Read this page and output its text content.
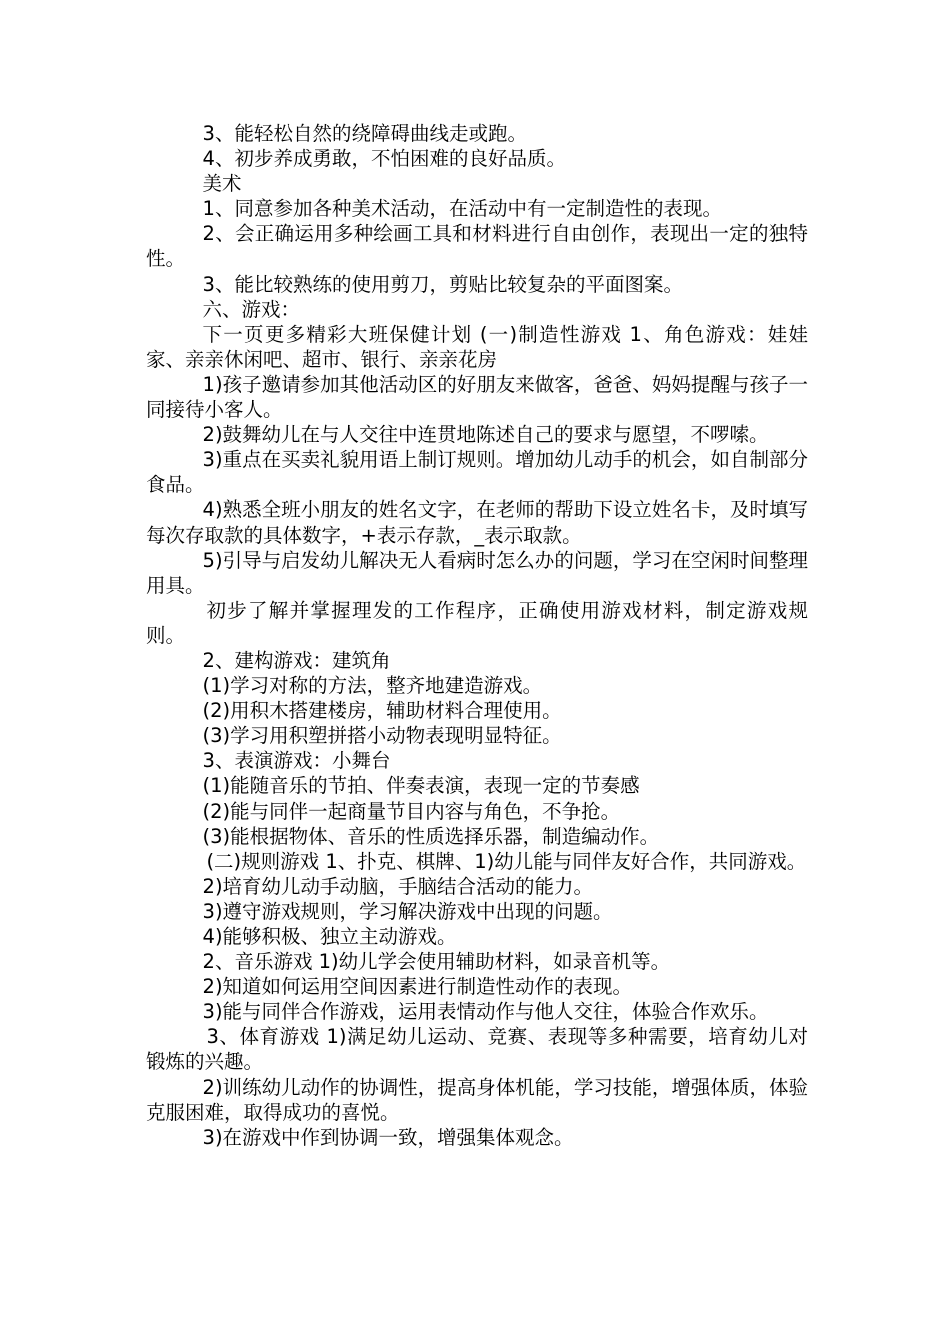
3、能轻松自然的绕障碍曲线走或跑。

4、初步养成勇敢，不怕困难的良好品质。

美术

1、同意参加各种美术活动，在活动中有一定制造性的表现。

2、会正确运用多种绘画工具和材料进行自由创作，表现出一定的独特性。

3、能比较熟练的使用剪刀，剪贴比较复杂的平面图案。

六、游戏：

下一页更多精彩大班保健计划 (一)制造性游戏 1、角色游戏：娃娃家、亲亲休闲吧、超市、银行、亲亲花房

1)孩子邀请参加其他活动区的好朋友来做客，爸爸、妈妈提醒与孩子一同接待小客人。

2)鼓舞幼儿在与人交往中连贯地陈述自己的要求与愿望，不啰嗦。

3)重点在买卖礼貌用语上制订规则。增加幼儿动手的机会，如自制部分食品。

4)熟悉全班小朋友的姓名文字，在老师的帮助下设立姓名卡，及时填写每次存取款的具体数字，+表示存款，_表示取款。

5)引导与启发幼儿解决无人看病时怎么办的问题，学习在空闲时间整理用具。

初步了解并掌握理发的工作程序，正确使用游戏材料，制定游戏规则。

2、建构游戏：建筑角

(1)学习对称的方法，整齐地建造游戏。

(2)用积木搭建楼房，辅助材料合理使用。

(3)学习用积塑拼搭小动物表现明显特征。

3、表演游戏：小舞台

(1)能随音乐的节拍、伴奏表演，表现一定的节奏感

(2)能与同伴一起商量节目内容与角色，不争抢。

(3)能根据物体、音乐的性质选择乐器，制造编动作。

(二)规则游戏 1、扑克、棋牌、1)幼儿能与同伴友好合作，共同游戏。

2)培育幼儿动手动脑，手脑结合活动的能力。

3)遵守游戏规则，学习解决游戏中出现的问题。

4)能够积极、独立主动游戏。

2、音乐游戏 1)幼儿学会使用辅助材料，如录音机等。

2)知道如何运用空间因素进行制造性动作的表现。

3)能与同伴合作游戏，运用表情动作与他人交往，体验合作欢乐。

3、体育游戏 1)满足幼儿运动、竞赛、表现等多种需要，培育幼儿对锻炼的兴趣。

2)训练幼儿动作的协调性，提高身体机能，学习技能，增强体质，体验克服困难，取得成功的喜悦。

3)在游戏中作到协调一致，增强集体观念。
